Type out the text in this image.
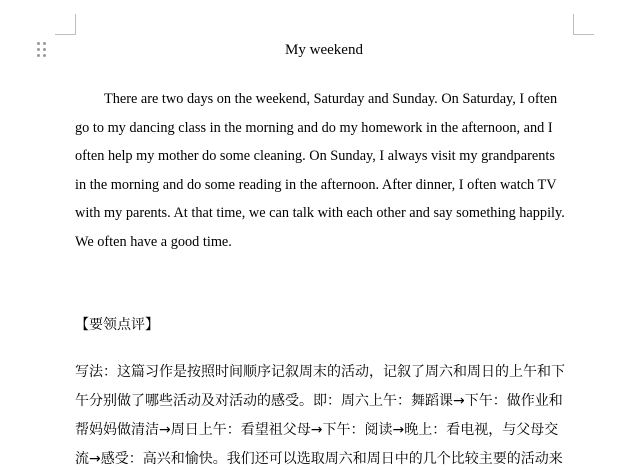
My weekend
There are two days on the weekend, Saturday and Sunday. On Saturday, I often
go to my dancing class in the morning and do my homework in the afternoon, and I
often help my mother do some cleaning. On Sunday, I always visit my grandparents
in the morning and do some reading in the afternoon. After dinner, I often watch TV
with my parents. At that time, we can talk with each other and say something happily.
We often have a good time.
【要领点评】
写法：这篇习作是按照时间顺序记叙周末的活动，记叙了周六和周日的上午和下
午分别做了哪些活动及对活动的感受。即：周六上午：舞蹈课→下午：做作业和
帮妈妈做清洁→周日上午：看望祖父母→下午：阅读→晚上：看电视，与父母交
流→感受：高兴和愉快。我们还可以选取周六和周日中的几个比较主要的活动来
